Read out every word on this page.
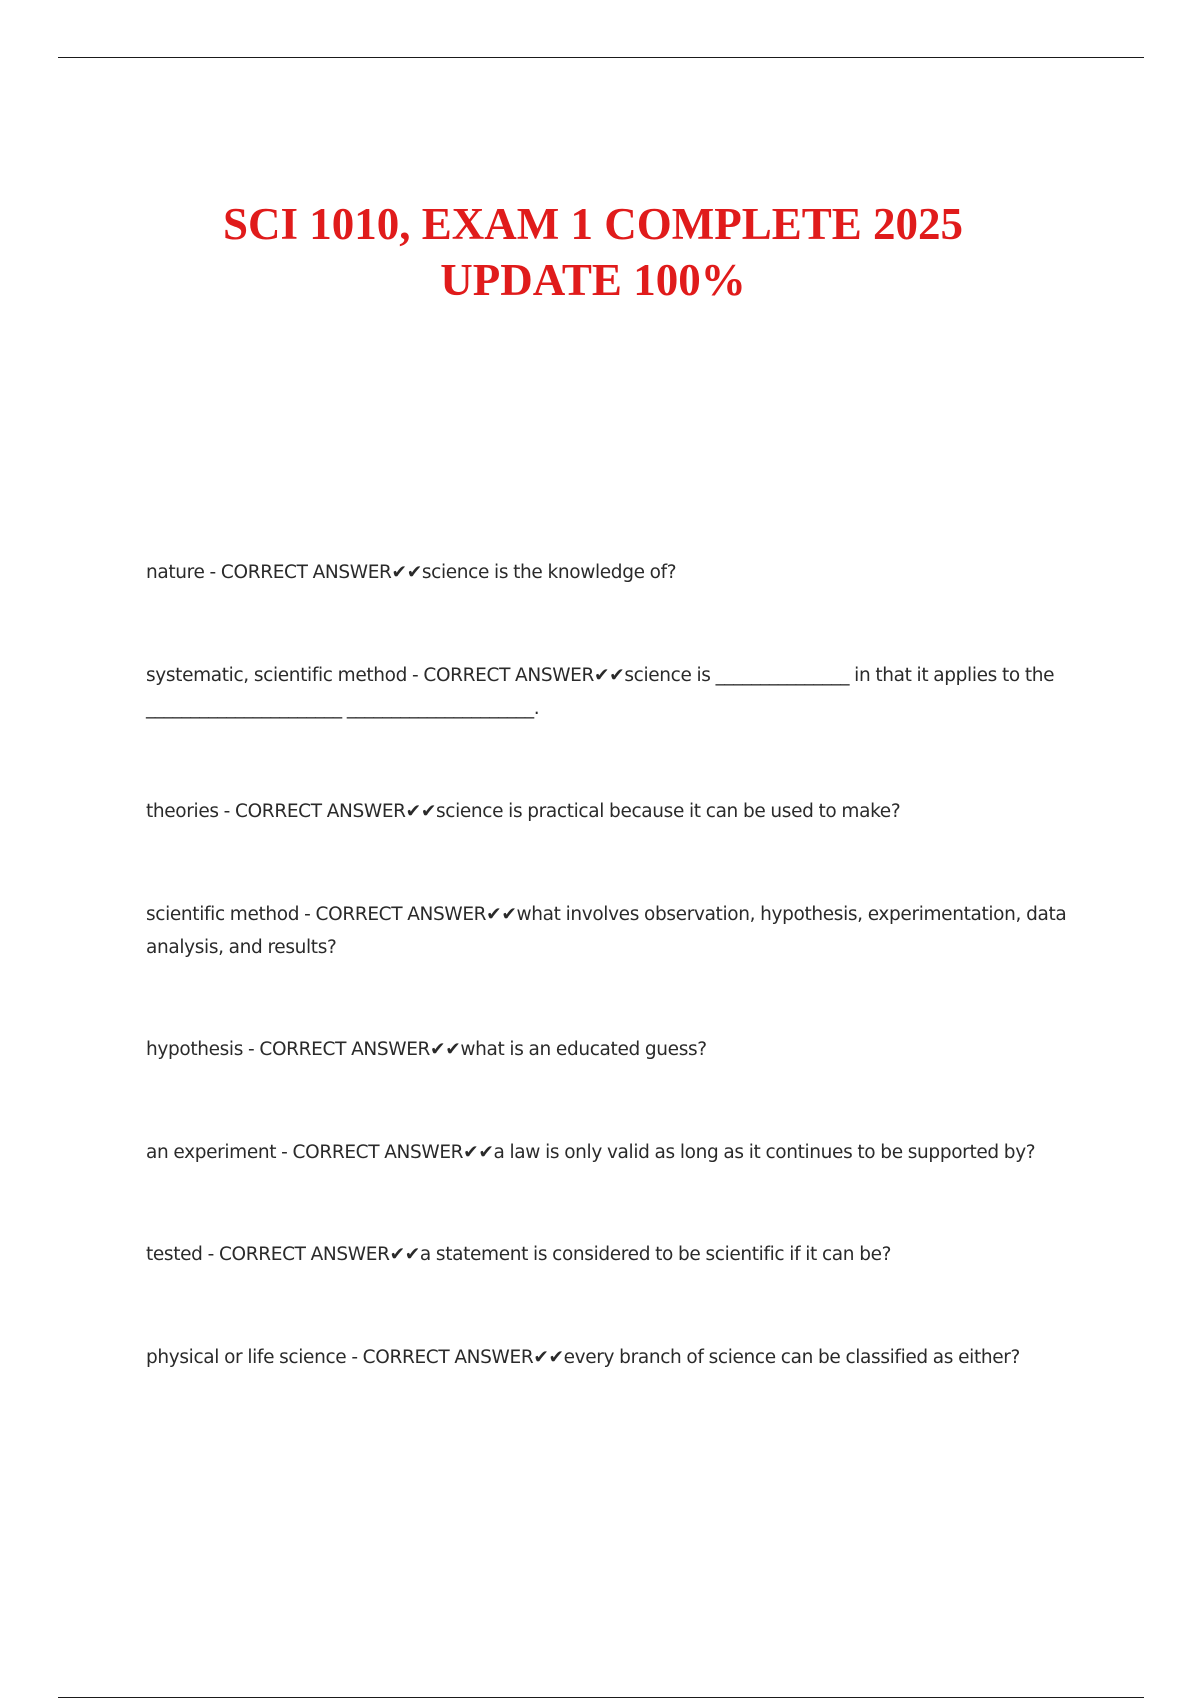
SCI 1010, EXAM 1 COMPLETE 2025
UPDATE 100%

nature - CORRECT ANSWER✔✔science is the knowledge of?

systematic, scientific method - CORRECT ANSWER✔✔science is _______________ in that it applies to the ______________________ _____________________.

theories - CORRECT ANSWER✔✔science is practical because it can be used to make?

scientific method - CORRECT ANSWER✔✔what involves observation, hypothesis, experimentation, data analysis, and results?

hypothesis - CORRECT ANSWER✔✔what is an educated guess?

an experiment - CORRECT ANSWER✔✔a law is only valid as long as it continues to be supported by?

tested - CORRECT ANSWER✔✔a statement is considered to be scientific if it can be?

physical or life science - CORRECT ANSWER✔✔every branch of science can be classified as either?
